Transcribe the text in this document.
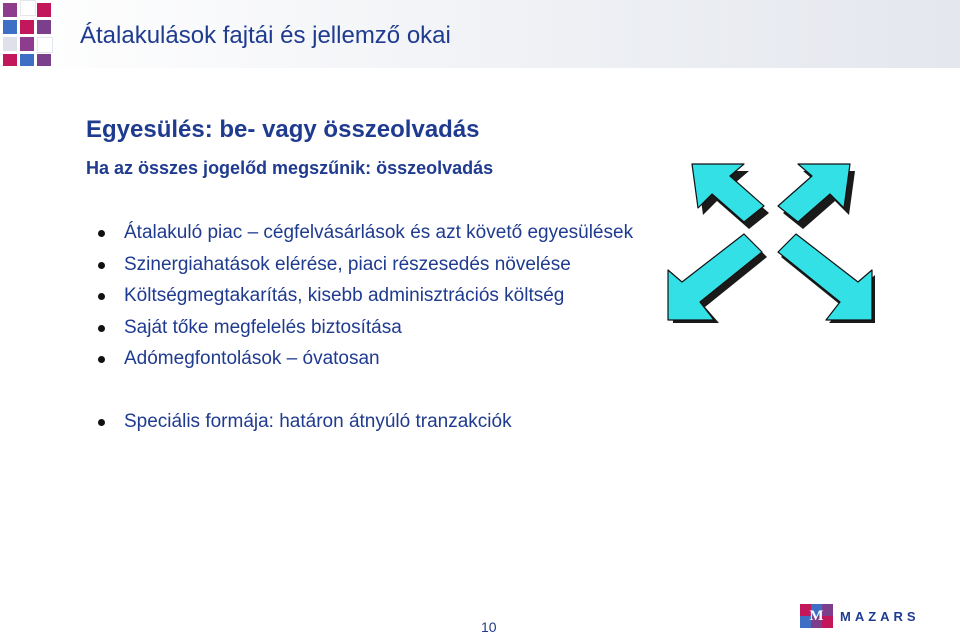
Átalakulások fajtái és jellemző okai
Egyesülés: be- vagy összeolvadás

Ha az összes jogelőd megszűnik: összeolvadás

Átalakuló piac – cégfelvásárlások és azt követő egyesülések
Szinergiahatások elérése, piaci részesedés növelése
Költségmegtakarítás, kisebb adminisztrációs költség
Saját tőke megfelelés biztosítása
Adómegfontolások – óvatosan
Speciális formája: határon átnyúló tranzakciók
10
M MAZARS
